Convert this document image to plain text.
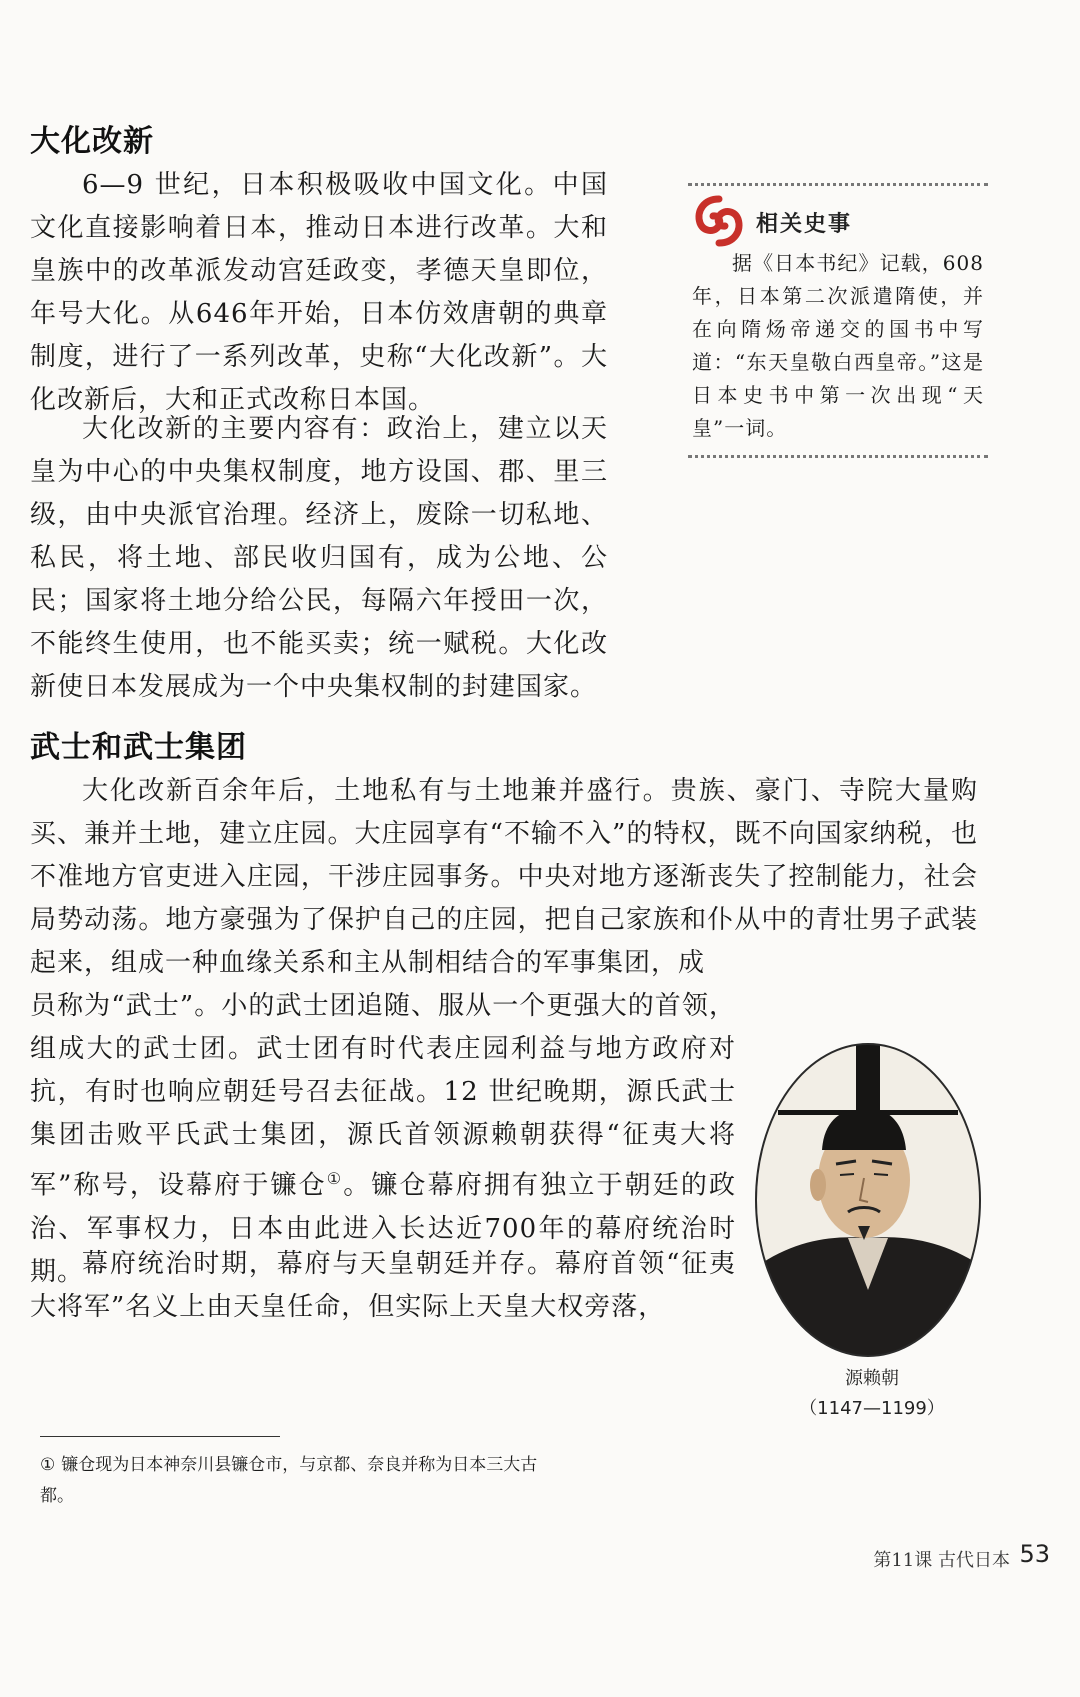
大化改新

6—9 世纪，日本积极吸收中国文化。中国文化直接影响着日本，推动日本进行改革。大和皇族中的改革派发动宫廷政变，孝德天皇即位，年号大化。从646年开始，日本仿效唐朝的典章制度，进行了一系列改革，史称“大化改新”。大化改新后，大和正式改称日本国。

大化改新的主要内容有：政治上，建立以天皇为中心的中央集权制度，地方设国、郡、里三级，由中央派官治理。经济上，废除一切私地、私民，将土地、部民收归国有，成为公地、公民；国家将土地分给公民，每隔六年授田一次，不能终生使用，也不能买卖；统一赋税。大化改新使日本发展成为一个中央集权制的封建国家。

相关史事

据《日本书纪》记载，608年，日本第二次派遣隋使，并在向隋炀帝递交的国书中写道：“东天皇敬白西皇帝。”这是日本史书中第一次出现“天皇”一词。

武士和武士集团

大化改新百余年后，土地私有与土地兼并盛行。贵族、豪门、寺院大量购买、兼并土地，建立庄园。大庄园享有“不输不入”的特权，既不向国家纳税，也不准地方官吏进入庄园，干涉庄园事务。中央对地方逐渐丧失了控制能力，社会局势动荡。地方豪强为了保护自己的庄园，把自己家族和仆从中的青壮男子武装起来，组成一种血缘关系和主从制相结合的军事集团，成

员称为“武士”。小的武士团追随、服从一个更强大的首领，组成大的武士团。武士团有时代表庄园利益与地方政府对抗，有时也响应朝廷号召去征战。12 世纪晚期，源氏武士集团击败平氏武士集团，源氏首领源赖朝获得“征夷大将军”称号，设幕府于镰仓①。镰仓幕府拥有独立于朝廷的政治、军事权力，日本由此进入长达近700年的幕府统治时期。

幕府统治时期，幕府与天皇朝廷并存。幕府首领“征夷大将军”名义上由天皇任命，但实际上天皇大权旁落，

源赖朝

（1147—1199）

① 镰仓现为日本神奈川县镰仓市，与京都、奈良并称为日本三大古都。

第11课 古代日本 53
